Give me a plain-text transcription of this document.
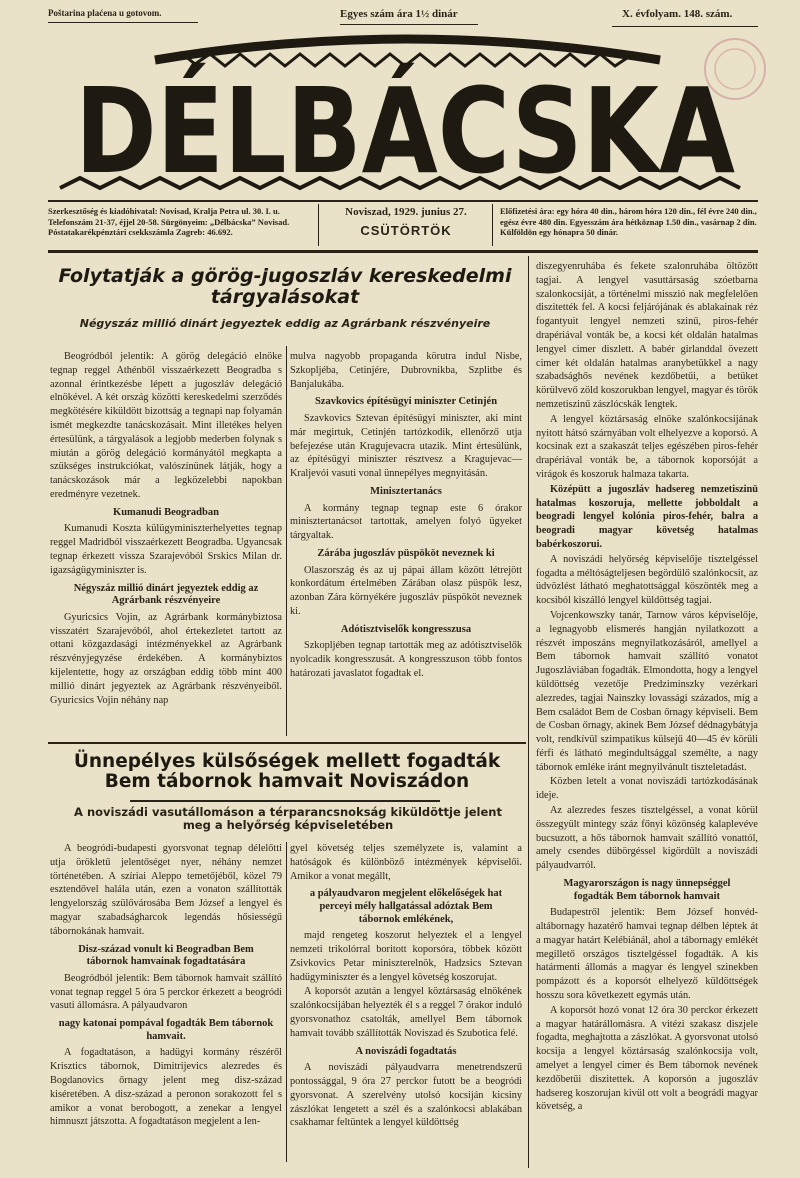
Poštarina plaćena u gotovom.	Egyes szám ára 1½ dinár	X. évfolyam. 148. szám.
DÉLBÁCSKA
Szerkesztőség és kiadóhivatal: Novisad, Kralja Petra ul. 30. I. u. Telefonszám 21-37, éjjel 20-58. Sürgönyeim: „Délbácska” Novisad. Póstatakarékpénztári csekkszámla Zagreb: 46.692.
Noviszad, 1929. junius 27.
CSÜTÖRTÖK
Előfizetési ára: egy hóra 40 din., három hóra 120 din., fél évre 240 din., egész évre 480 din. Egyesszám ára hétköznap 1.50 din., vasárnap 2 din. Külföldön egy hónapra 50 dinár.
Folytatják a görög-jugoszláv kereskedelmi tárgyalásokat
Négyszáz millió dinárt jegyeztek eddig az Agrárbank részvényeire

Beogródból jelentik: A görög delegáció elnöke tegnap reggel Athénből visszaérkezett Beogradba s azonnal érintkezésbe lépett a jugoszláv delegáció elnökével. A két ország közötti kereskedelmi szerződés megkötésére kiküldött bizottság a tegnapi nap folyamán ismét megkezdte tanácskozásait. Mint illetékes helyen értesülünk, a tárgyalások a legjobb mederben folynak s miután a görög delegáció kormányától megkapta a szükséges instrukciókat, valószínünek látják, hogy a tanácskozások már a legközelebbi napokban eredményre vezetnek.

Kumanudi Beogradban

Kumanudi Koszta külügyminiszterhelyettes tegnap reggel Madridból visszaérkezett Beogradba. Ugyancsak tegnap érkezett vissza Szarajevóból Srskics Milan dr. igazságügyminiszter is.

Négyszáz millió dinárt jegyeztek eddig az Agrárbank részvényeire

Gyuricsics Vojin, az Agrárbank kormánybiztosa visszatért Szarajevóból, ahol értekezletet tartott az ottani közgazdasági intézményekkel az Agrárbank részvényjegyzése érdekében. A kormánybiztos kijelentette, hogy az országban eddig több mint 400 millió dinárt jegyeztek az Agrárbank részvényeiből. Gyuricsics Vojin néhány nap

mulva nagyobb propaganda körutra indul Nisbe, Szkopljéba, Cetinjére, Dubrovnikba, Szplitbe és Banjalukába.

Szavkovics építésügyi miniszter Cetinjén

Szavkovics Sztevan építésügyi miniszter, aki mint már megirtuk, Cetinjén tartózkodik, ellenőrző utja befejezése után Kragujevacra utazik. Mint értesülünk, az építésügyi miniszter résztvesz a Kragujevac—Kraljevói vasuti vonal ünnepélyes megnyitásán.

Minisztertanács

A kormány tegnap tegnap este 6 órakor minisztertanácsot tartottak, amelyen folyó ügyeket tárgyaltak.

Zárába jugoszláv püspököt neveznek ki

Olaszország és az uj pápai állam között létrejött konkordátum értelmében Zárában olasz püspök lesz, azonban Zára környékére jugoszláv püspököt neveznek ki.

Adótisztviselők kongresszusa

Szkopljében tegnap tartották meg az adótisztviselők nyolcadik kongresszusát. A kongresszuson több fontos határozati javaslatot fogadtak el.

Ünnepélyes külsőségek mellett fogadták Bem tábornok hamvait Noviszádon
A noviszádi vasutállomáson a térparancsnokság kiküldöttje jelent meg a helyőrség képviseletében

A beogródi-budapesti gyorsvonat tegnap délelőtti utja örökletű jelentőséget nyer, néhány nemzet történetében. A szíriai Aleppo temetőjéből, közel 79 esztendővel halála után, ezen a vonaton szállították lengyelország szülővárosába Bem József a lengyel és magyar szabadságharcok legendás hősiességű tábornokának hamvait.

Disz-század vonult ki Beogradban Bem tábornok hamvainak fogadtatására

Beogródból jelentik: Bem tábornok hamvait szállító vonat tegnap reggel 5 óra 5 perckor érkezett a beogródi vasuti állomásra. A pályaudvaron

nagy katonai pompával fogadták Bem tábornok hamvait.

A fogadtatáson, a hadügyi kormány részéről Krisztics tábornok, Dimitrijevics alezredes és Bogdanovics őrnagy jelent meg disz-század kiséretében. A disz-század a peronon sorakozott fel s amikor a vonat berobogott, a zenekar a lengyel himnuszt játszotta. A fogadtatáson megjelent a len-

gyel követség teljes személyzete is, valamint a hatóságok és különböző intézmények képviselői. Amikor a vonat megállt,

a pályaudvaron megjelent előkelőségek hat perceyi mély hallgatással adóztak Bem tábornok emlékének,

majd rengeteg koszorut helyeztek el a lengyel nemzeti trikolórral boritott koporsóra, többek között Zsivkovics Petar miniszterelnök, Hadzsics Sztevan hadügyminiszter és a lengyel követség koszorujat.

A koporsót azután a lengyel köztársaság elnökének szalónkocsijában helyezték él s a reggel 7 órakor induló gyorsvonathoz csatolták, amellyel Bem tábornok hamvait tovább szállították Noviszad és Szubotica felé.

A noviszádi fogadtatás

A noviszádi pályaudvarra menetrendszerű pontossággal, 9 óra 27 perckor futott be a beogródi gyorsvonat. A szerelvény utolsó kocsiján kicsiny zászlókat lengetett a szél és a szalónkocsi ablakában csakhamar feltüntek a lengyel küldöttség

diszegyenruhába és fekete szalonruhába öltözött tagjai. A lengyel vasuttársaság szóetbarna szalonkocsiját, a történelmi misszió nak megfelelően diszitették fel. A kocsi feljárójának és ablakainak réz fogantyuit lengyel nemzeti szinű, piros-fehér drapériával vonták be, a kocsi két oldalán hatalmas lengyel cimer diszlett. A babér girlanddal övezett cimer két oldalán hatalmas aranybetükkel a nagy szabadsághős nevének kezdőbetűi, a betüket körülvevő zöld koszorukban lengyel, magyar és török nemzetiszinű zászlócskák lengtek.

A lengyel köztársaság elnöke szalónkocsijának nyitott hátsó szárnyában volt elhelyezve a koporsó. A kocsinak ezt a szakaszát teljes egészében piros-fehér drapériával vonták be, a tábornok koporsóját a virágok és koszoruk halmaza takarta.

Középütt a jugoszláv hadsereg nemzetiszinü hatalmas koszoruja, mellette jobboldalt a beogradi lengyel kolónia piros-fehér, balra a beogradi magyar követség hatalmas babérkoszorui.

A noviszádi helyőrség képviselője tisztelgéssel fogadta a méltóságteljesen begördülő szalónkocsit, az üdvözlést látható meghatottsággal köszönték meg a kocsiból kiszálló lengyel küldöttség tagjai.

Vojcenkowszky tanár, Tarnow város képviselője, a legnagyobb elismerés hangján nyilatkozott a részvét imposzáns megnyilatkozásáról, amellyel a Bem tábornok hamvait szállító vonatot Jugoszláviában fogadták. Elmondotta, hogy a lengyel küldöttség vezetője Predziminszky vezérkari alezredes, tagjai Nainszky lovassági százados, míg a Bem családot Bem de Cosban őrnagy képviseli. Bem de Cosban őrnagy, akinek Bem József dédnagybátyja volt, rendkívül szimpatikus külsejű 40—45 év körüli férfi és látható megindultsággal személte, a nagy tábornok emléke iránt megnyilvánult tiszteletadást.

Közben letelt a vonat noviszádi tartózkodásának ideje.

Az alezredes feszes tisztelgéssel, a vonat körül összegyült mintegy száz főnyi közönség kalaplevéve bucsuzott, a hős tábornok hamvait szállító vonattól, amely csendes dübörgéssel kigördült a noviszádi pályaudvarról.

Magyarországon is nagy ünnepséggel fogadták Bem tábornok hamvait

Budapestről jelentik: Bem József honvéd-altábornagy hazatérő hamvai tegnap délben léptek át a magyar határt Kelébiánál, ahol a tábornagy emlékét megillető országos tisztelgéssel fogadták. A kis határmenti állomás a magyar és lengyel szinekben pompázott és a koporsót elhelyező küldöttségek hosszu sora következett egymás után.

A koporsót hozó vonat 12 óra 30 perckor érkezett a magyar határállomásra. A vitézi szakasz diszjele fogadta, meghajtotta a zászlókat. A gyorsvonat utolsó kocsija a lengyel köztársaság szalónkocsija volt, amelyet a lengyel cimer és Bem tábornok nevének kezdőbetűi diszitettek. A koporsón a jugoszláv hadsereg koszorujan kivül ott volt a beográdi magyar követség, a
